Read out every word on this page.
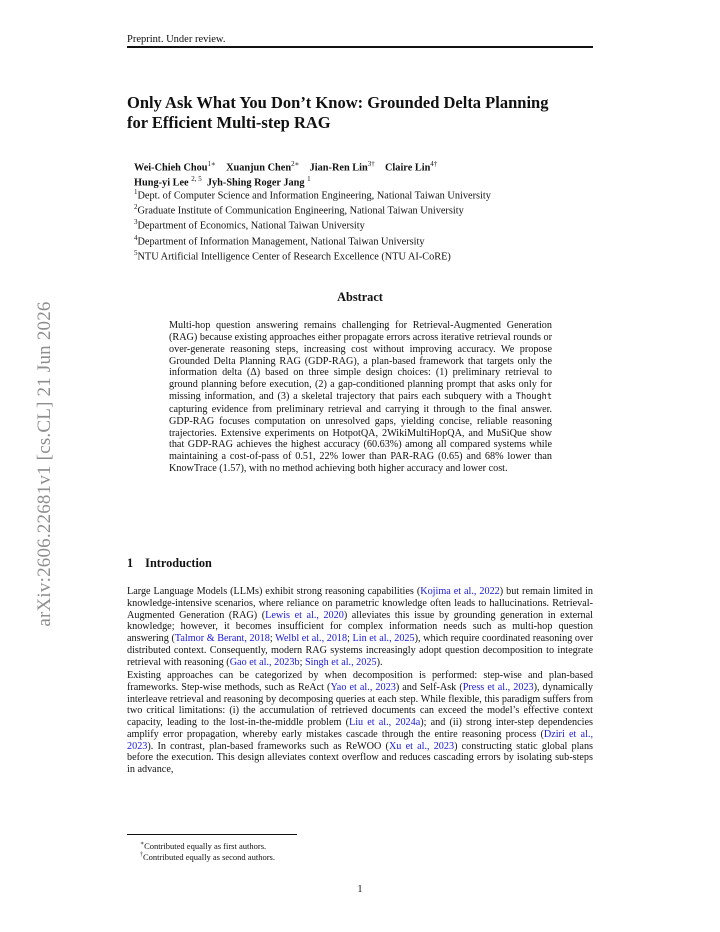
Preprint. Under review.
Only Ask What You Don’t Know: Grounded Delta Planning
for Efficient Multi-step RAG
Wei-Chieh Chou$^{1∗}$ Xuanjun Chen$^{2∗}$ Jian-Ren Lin$^{3\dagger}$ Claire Lin$^{4\dagger}$
Hung-yi Lee $^{2, 5}$ Jyh-Shing Roger Jang $^1$
$^1$Dept. of Computer Science and Information Engineering, National Taiwan University
$^2$Graduate Institute of Communication Engineering, National Taiwan University
$^3$Department of Economics, National Taiwan University
$^4$Department of Information Management, National Taiwan University
$^5$NTU Artificial Intelligence Center of Research Excellence (NTU AI-CoRE)
arXiv:2606.22681v1 [cs.CL] 21 Jun 2026
Abstract
Multi-hop question answering remains challenging for Retrieval-Augmented Generation (RAG) because existing approaches either propagate errors across iterative retrieval rounds or over-generate reasoning steps, increasing cost without improving accuracy. We propose Grounded Delta Planning RAG (GDP-RAG), a plan-based framework that targets only the information delta (Δ) based on three simple design choices: (1) preliminary retrieval to ground planning before execution, (2) a gap-conditioned planning prompt that asks only for missing information, and (3) a skeletal trajectory that pairs each subquery with a Thought capturing evidence from preliminary retrieval and carrying it through to the final answer. GDP-RAG focuses computation on unresolved gaps, yielding concise, reliable reasoning trajectories. Extensive experiments on HotpotQA, 2WikiMultiHopQA, and MuSiQue show that GDP-RAG achieves the highest accuracy (60.63%) among all compared systems while maintaining a cost-of-pass of 0.51, 22% lower than PAR-RAG (0.65) and 68% lower than KnowTrace (1.57), with no method achieving both higher accuracy and lower cost.
1 Introduction
Large Language Models (LLMs) exhibit strong reasoning capabilities (Kojima et al., 2022) but remain limited in knowledge-intensive scenarios, where reliance on parametric knowledge often leads to hallucinations. Retrieval-Augmented Generation (RAG) (Lewis et al., 2020) alleviates this issue by grounding generation in external knowledge; however, it becomes insufficient for complex information needs such as multi-hop question answering (Talmor & Berant, 2018; Welbl et al., 2018; Lin et al., 2025), which require coordinated reasoning over distributed context. Consequently, modern RAG systems increasingly adopt question decomposition to integrate retrieval with reasoning (Gao et al., 2023b; Singh et al., 2025).
Existing approaches can be categorized by when decomposition is performed: step-wise and plan-based frameworks. Step-wise methods, such as ReAct (Yao et al., 2023) and Self-Ask (Press et al., 2023), dynamically interleave retrieval and reasoning by decomposing queries at each step. While flexible, this paradigm suffers from two critical limitations: (i) the accumulation of retrieved documents can exceed the model’s effective context capacity, leading to the lost-in-the-middle problem (Liu et al., 2024a); and (ii) strong inter-step dependencies amplify error propagation, whereby early mistakes cascade through the entire reasoning process (Dziri et al., 2023). In contrast, plan-based frameworks such as ReWOO (Xu et al., 2023) constructing static global plans before the execution. This design alleviates context overflow and reduces cascading errors by isolating sub-steps in advance,
∗Contributed equally as first authors.
†Contributed equally as second authors.
1
